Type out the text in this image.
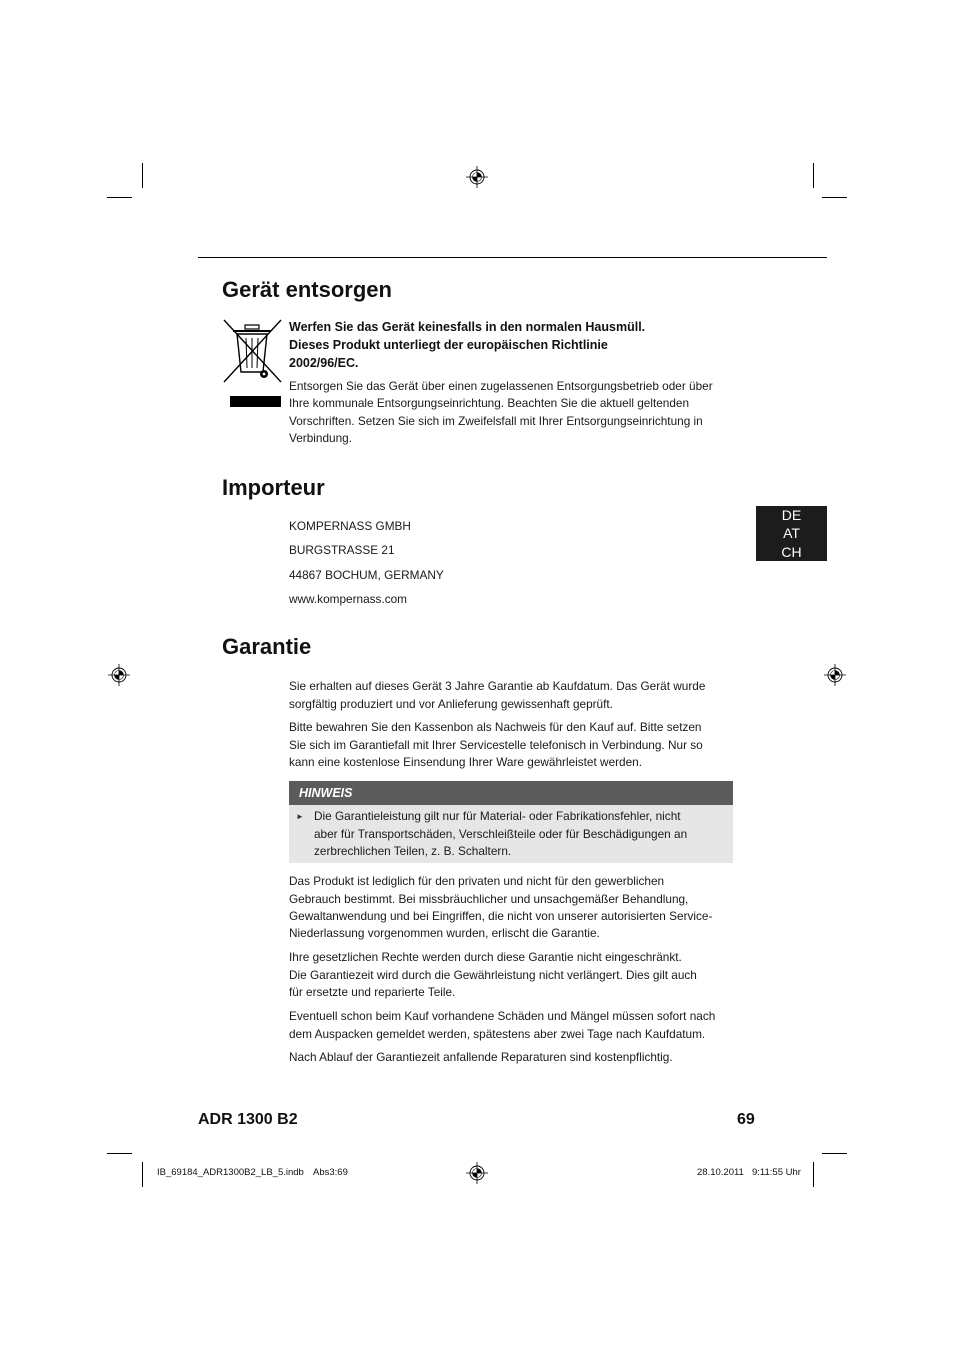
Gerät entsorgen
Werfen Sie das Gerät keinesfalls in den normalen Hausmüll.
Dieses Produkt unterliegt der europäischen Richtlinie
2002/96/EC.
Entsorgen Sie das Gerät über einen zugelassenen Entsorgungsbetrieb oder über
Ihre kommunale Entsorgungseinrichtung. Beachten Sie die aktuell geltenden
Vorschriften. Setzen Sie sich im Zweifelsfall mit Ihrer Entsorgungseinrichtung in
Verbindung.
Importeur
KOMPERNASS GMBH
BURGSTRASSE 21
44867 BOCHUM, GERMANY
www.kompernass.com
DE
AT
CH
Garantie
Sie erhalten auf dieses Gerät 3 Jahre Garantie ab Kaufdatum. Das Gerät wurde
sorgfältig produziert und vor Anlieferung gewissenhaft geprüft.
Bitte bewahren Sie den Kassenbon als Nachweis für den Kauf auf. Bitte setzen
Sie sich im Garantiefall mit Ihrer Servicestelle telefonisch in Verbindung. Nur so
kann eine kostenlose Einsendung Ihrer Ware gewährleistet werden.
HINWEIS
► Die Garantieleistung gilt nur für Material- oder Fabrikationsfehler, nicht
aber für Transportschäden, Verschleißteile oder für Beschädigungen an
zerbrechlichen Teilen, z. B. Schaltern.
Das Produkt ist lediglich für den privaten und nicht für den gewerblichen
Gebrauch bestimmt. Bei missbräuchlicher und unsachgemäßer Behandlung,
Gewaltanwendung und bei Eingriffen, die nicht von unserer autorisierten Service-
Niederlassung vorgenommen wurden, erlischt die Garantie.
Ihre gesetzlichen Rechte werden durch diese Garantie nicht eingeschränkt.
Die Garantiezeit wird durch die Gewährleistung nicht verlängert. Dies gilt auch
für ersetzte und reparierte Teile.
Eventuell schon beim Kauf vorhandene Schäden und Mängel müssen sofort nach
dem Auspacken gemeldet werden, spätestens aber zwei Tage nach Kaufdatum.
Nach Ablauf der Garantiezeit anfallende Reparaturen sind kostenpflichtig.
ADR 1300 B2	69
IB_69184_ADR1300B2_LB_5.indb Abs3:69	28.10.2011 9:11:55 Uhr
